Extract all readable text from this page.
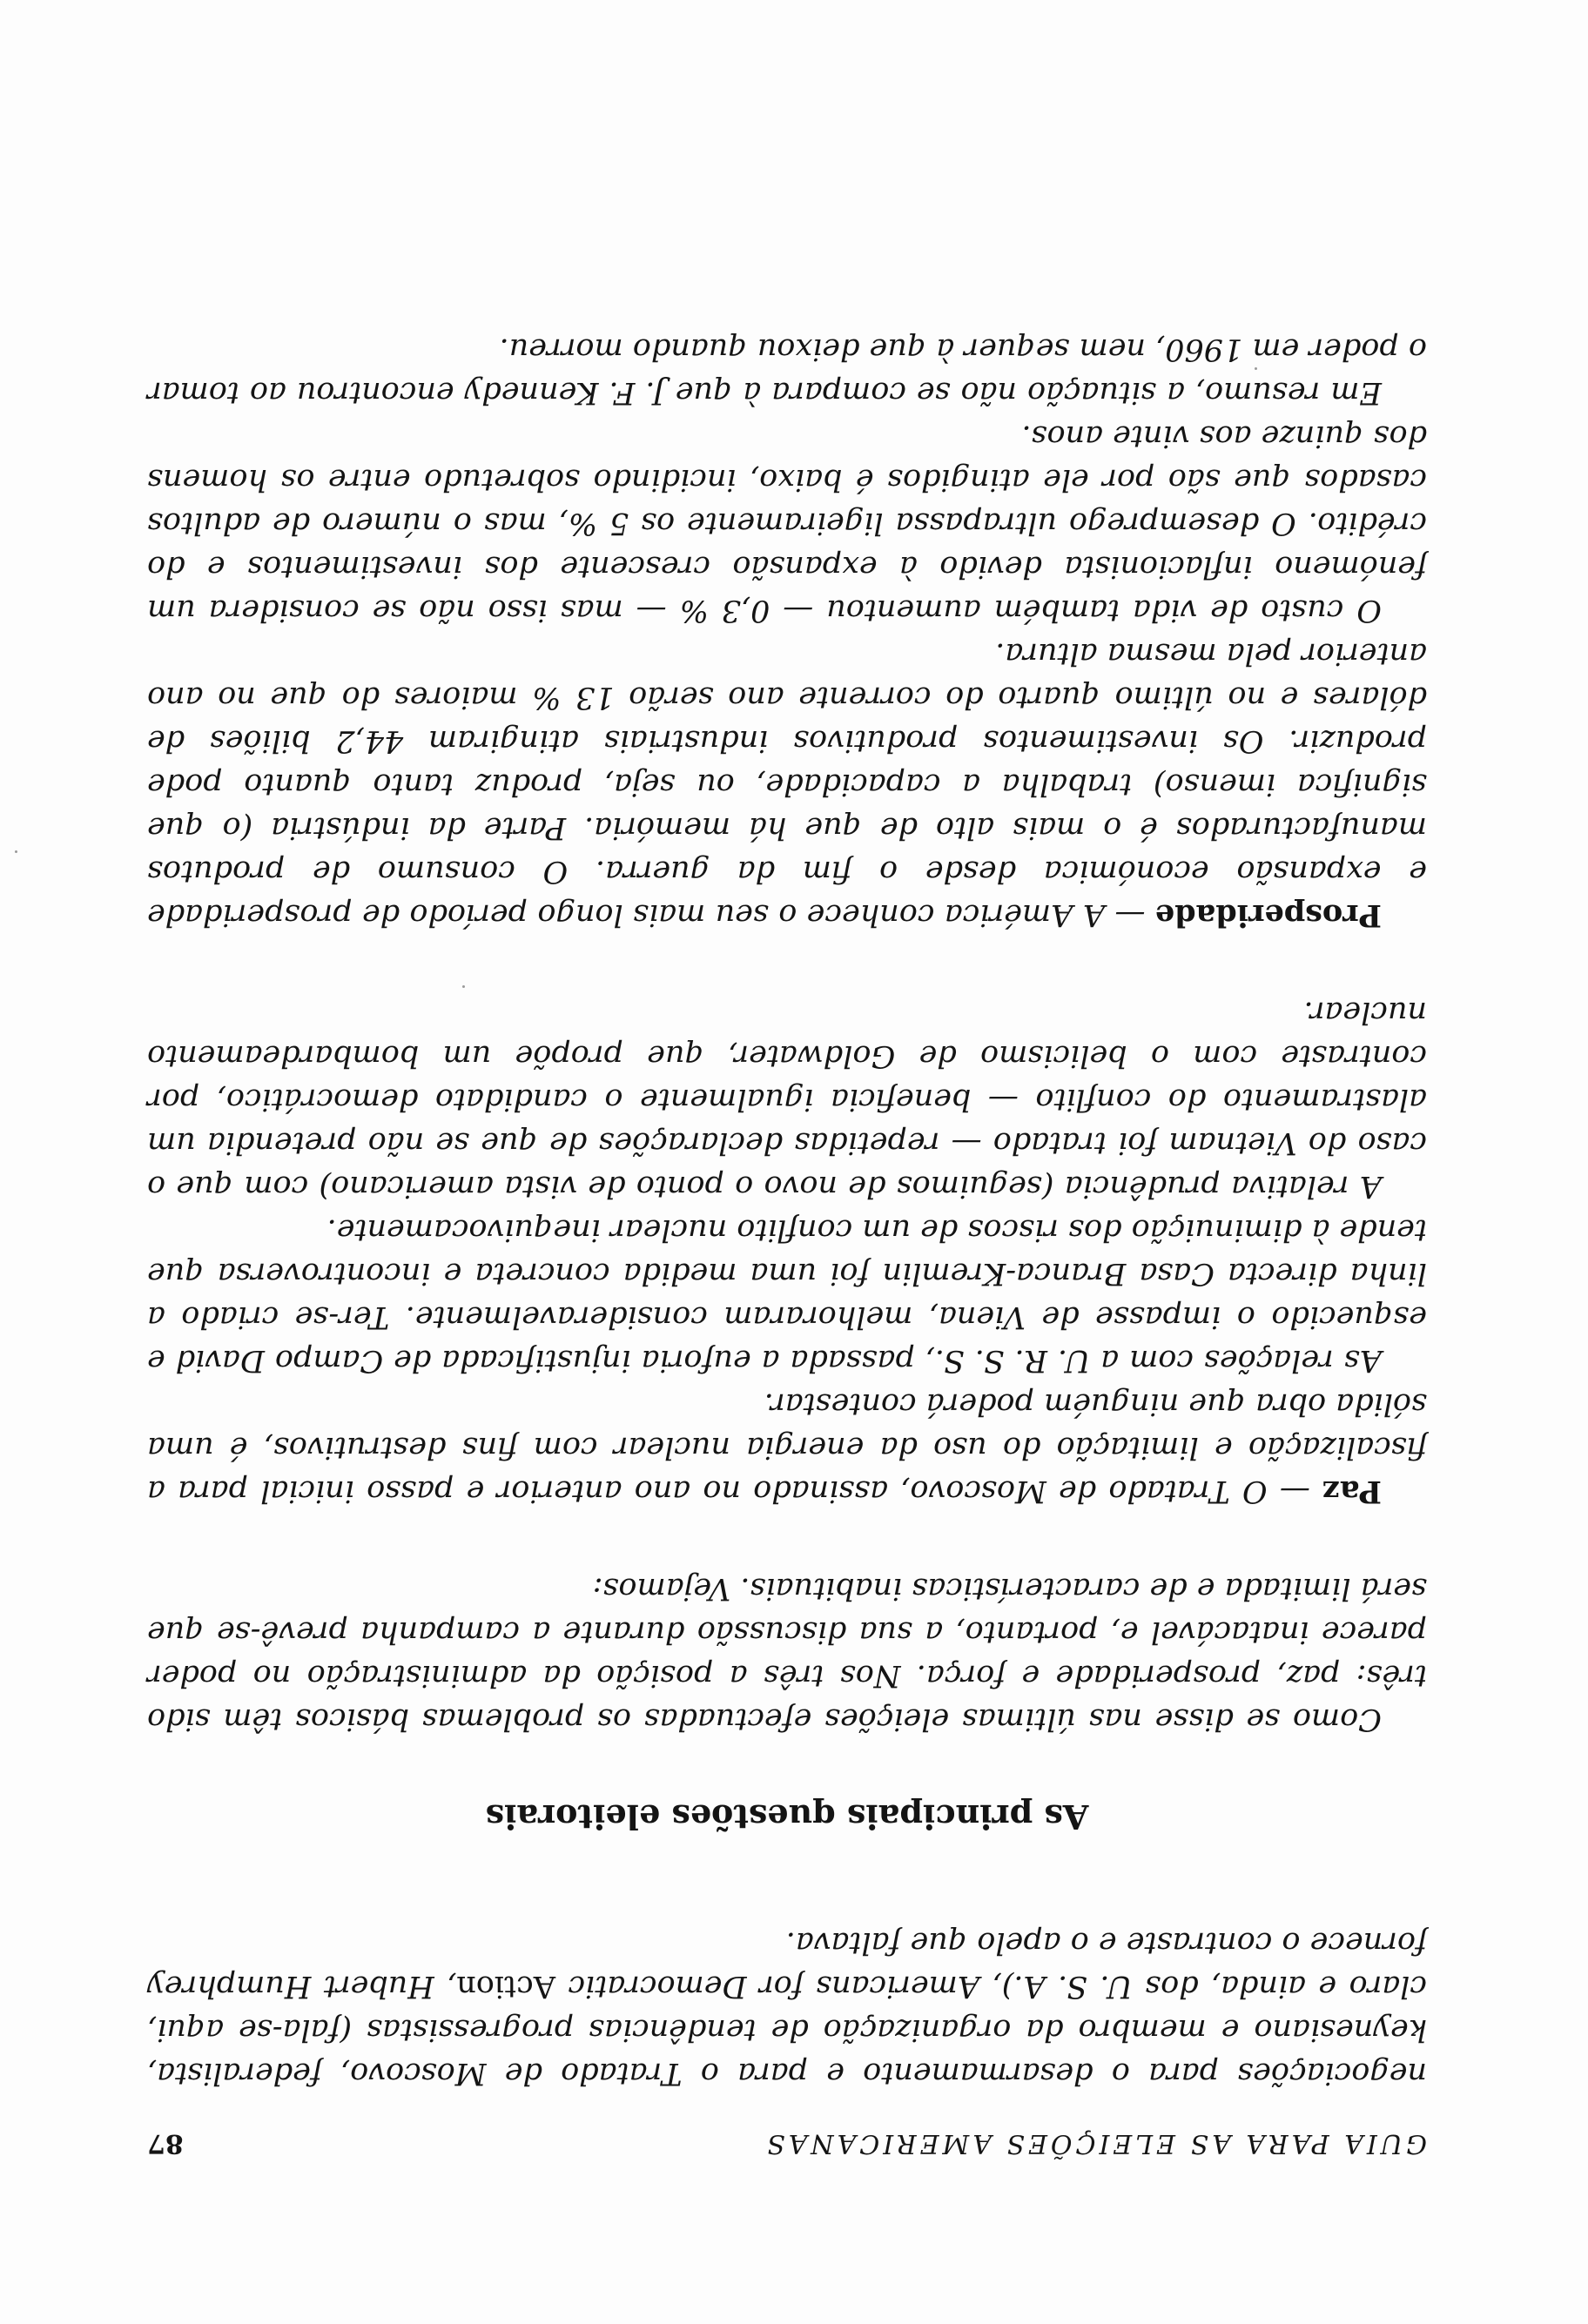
GUIA PARA AS ELEIÇÕES AMERICANAS
87

negociações para o desarmamento e para o Tratado de Moscovo, federalista, keynesiano e membro da organização de tendências progressistas (fala-se aqui, claro e ainda, dos U. S. A.), Americans for Democratic Action, Hubert Humphrey fornece o contraste e o apelo que faltava.

As principais questões eleitorais

Como se disse nas últimas eleições efectuadas os problemas básicos têm sido três: paz, prosperidade e força. Nos três a posição da administração no poder parece inatacável e, portanto, a sua discussão durante a campanha prevê-se que será limitada e de características inabituais. Vejamos:

Paz — O Tratado de Moscovo, assinado no ano anterior e passo inicial para a fiscalização e limitação do uso da energia nuclear com fins destrutivos, é uma sólida obra que ninguém poderá contestar.

As relações com a U. R. S. S., passada a euforia injustificada de Campo David e esquecido o impasse de Viena, melhoraram consideravelmente. Ter-se criado a linha directa Casa Branca-Kremlin foi uma medida concreta e incontroversa que tende à diminuição dos riscos de um conflito nuclear inequivocamente.

A relativa prudência (seguimos de novo o ponto de vista americano) com que o caso do Vietnam foi tratado — repetidas declarações de que se não pretendia um alastramento do conflito — beneficia igualmente o candidato democrático, por contraste com o belicismo de Goldwater, que propõe um bombardeamento nuclear.

Prosperidade — A América conhece o seu mais longo período de prosperidade e expansão económica desde o fim da guerra. O consumo de produtos manufacturados é o mais alto de que há memória. Parte da indústria (o que significa imenso) trabalha a capacidade, ou seja, produz tanto quanto pode produzir. Os investimentos produtivos industriais atingiram 44,2 biliões de dólares e no último quarto do corrente ano serão 13 % maiores do que no ano anterior pela mesma altura.

O custo de vida também aumentou — 0,3 % — mas isso não se considera um fenómeno inflacionista devido à expansão crescente dos investimentos e do crédito. O desemprego ultrapassa ligeiramente os 5 %, mas o número de adultos casados que são por ele atingidos é baixo, incidindo sobretudo entre os homens dos quinze aos vinte anos.

Em resumo, a situação não se compara à que J. F. Kennedy encontrou ao tomar o poder em 1960, nem sequer à que deixou quando morreu.
